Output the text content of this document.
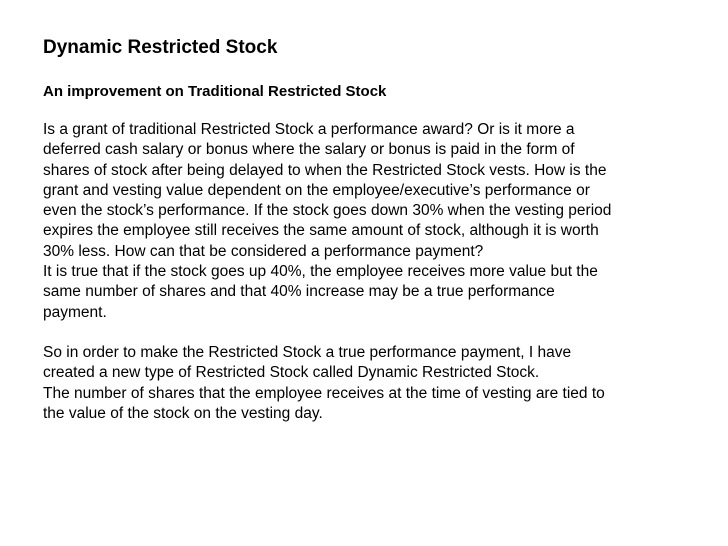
Dynamic Restricted Stock
An improvement on Traditional Restricted Stock

Is a grant of traditional Restricted Stock a performance award? Or is it more a
deferred cash salary or bonus where the salary or bonus is paid in the form of
shares of stock after being delayed to when the Restricted Stock vests. How is the
grant and vesting value dependent on the employee/executive’s performance or
even the stock’s performance. If the stock goes down 30% when the vesting period
expires the employee still receives the same amount of stock, although it is worth
30% less. How can that be considered a performance payment?

It is true that if the stock goes up 40%, the employee receives more value but the
same number of shares and that 40% increase may be a true performance
payment.

So in order to make the Restricted Stock a true performance payment, I have
created a new type of Restricted Stock called Dynamic Restricted Stock.

The number of shares that the employee receives at the time of vesting are tied to
the value of the stock on the vesting day.
